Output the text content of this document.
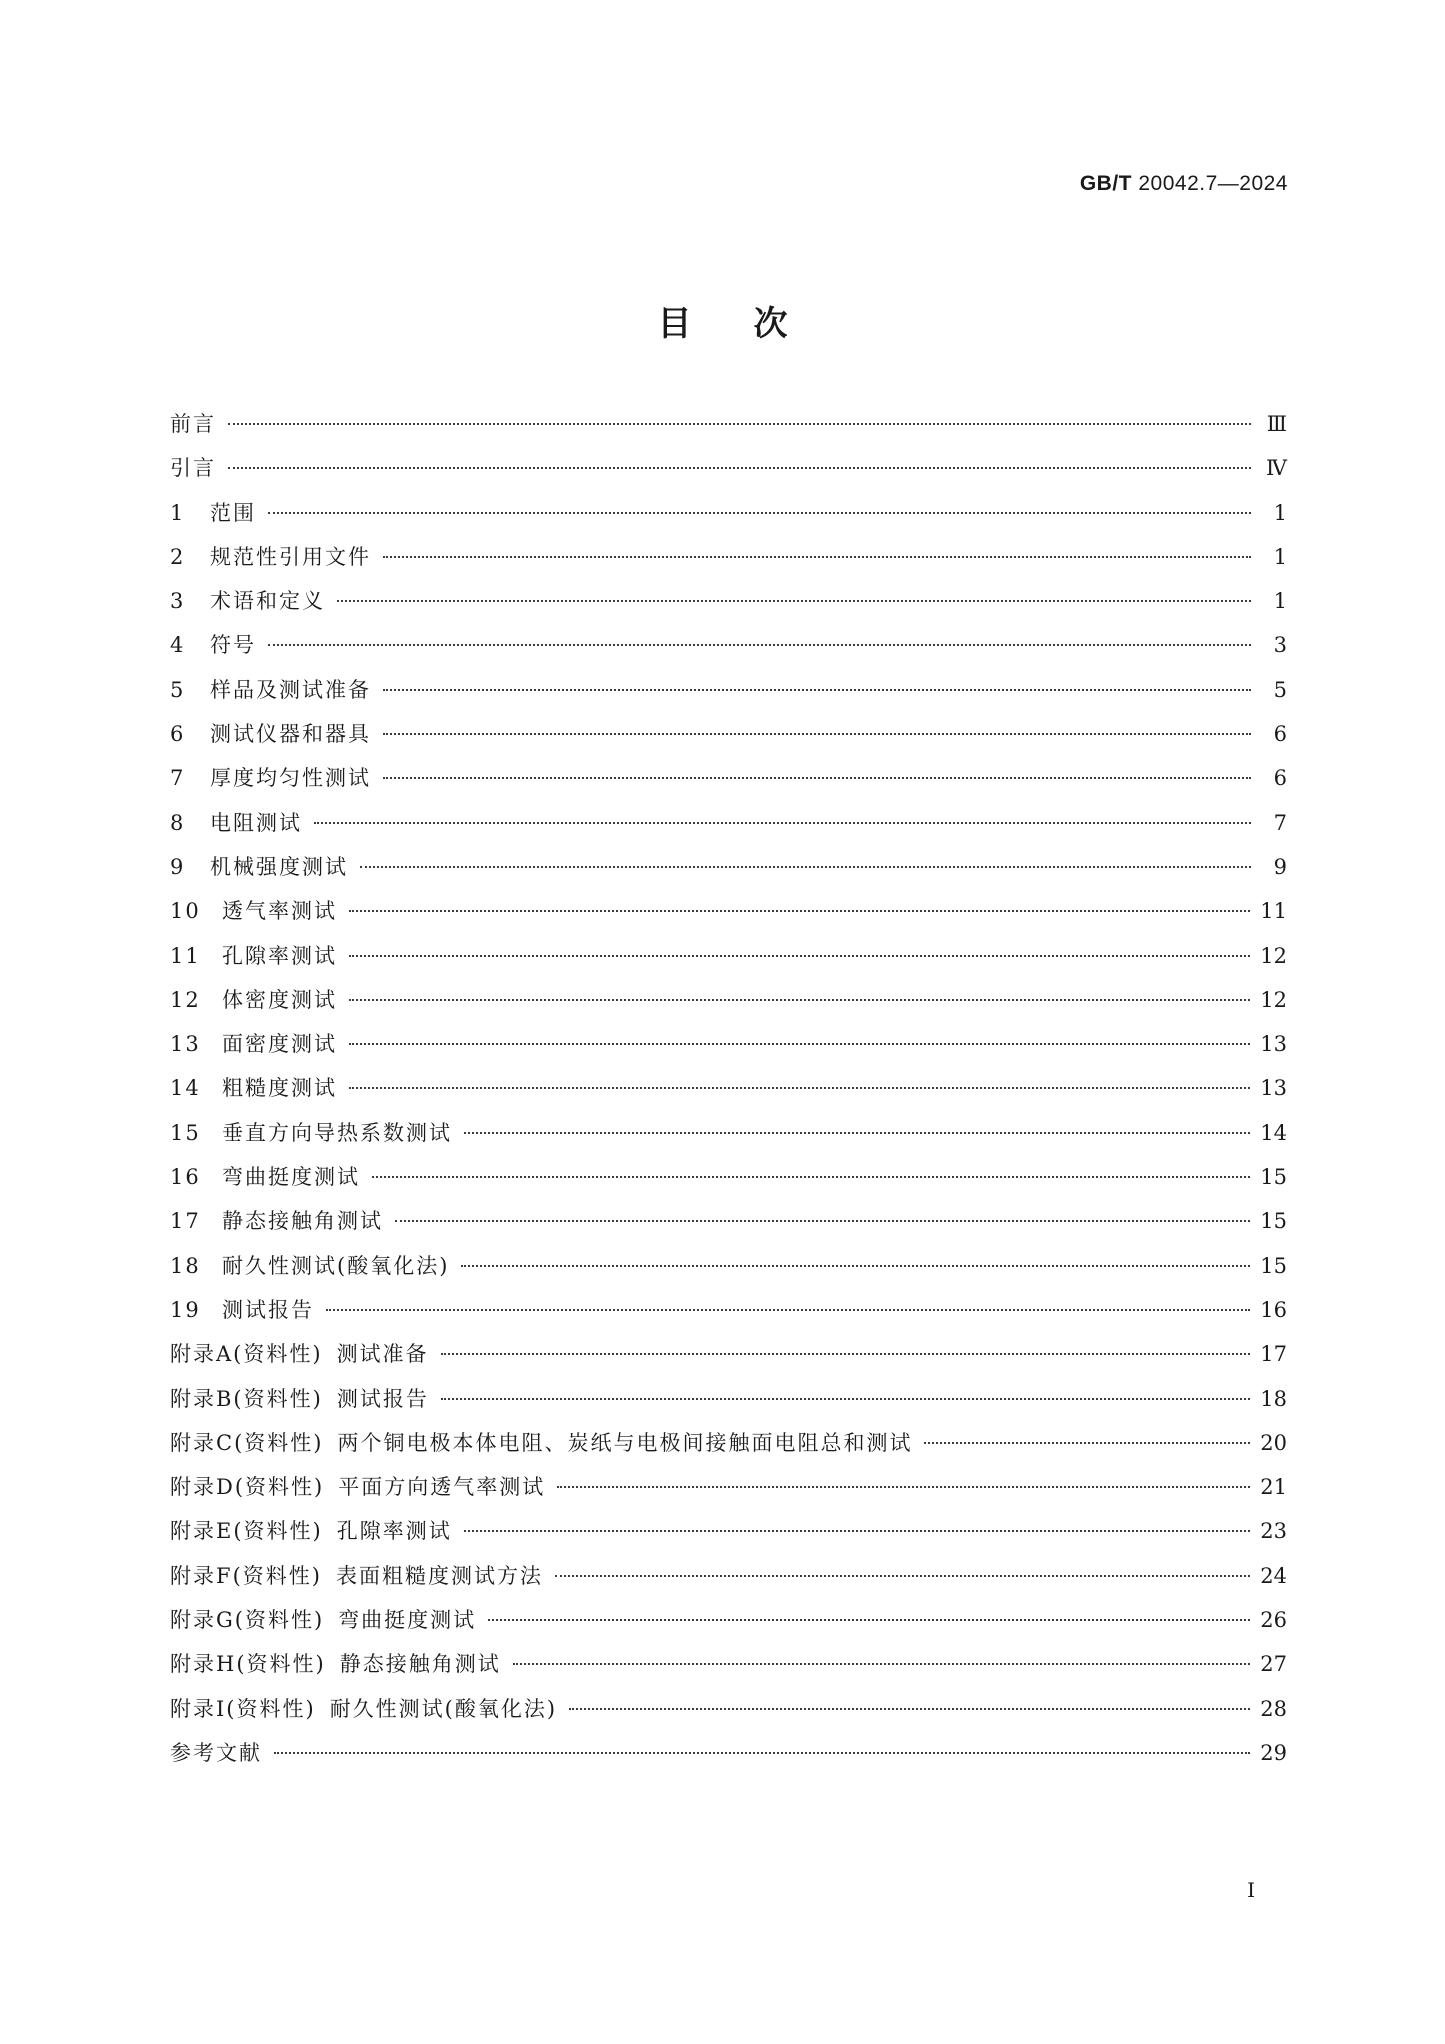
GB/T 20042.7—2024
目 次
前言	Ⅲ
引言	Ⅳ
1	范围	1
2	规范性引用文件	1
3	术语和定义	1
4	符号	3
5	样品及测试准备	5
6	测试仪器和器具	6
7	厚度均匀性测试	6
8	电阻测试	7
9	机械强度测试	9
10	透气率测试	11
11	孔隙率测试	12
12	体密度测试	12
13	面密度测试	13
14	粗糙度测试	13
15	垂直方向导热系数测试	14
16	弯曲挺度测试	15
17	静态接触角测试	15
18	耐久性测试(酸氧化法)	15
19	测试报告	16
附录A(资料性) 测试准备	17
附录B(资料性) 测试报告	18
附录C(资料性) 两个铜电极本体电阻、炭纸与电极间接触面电阻总和测试	20
附录D(资料性) 平面方向透气率测试	21
附录E(资料性) 孔隙率测试	23
附录F(资料性) 表面粗糙度测试方法	24
附录G(资料性) 弯曲挺度测试	26
附录H(资料性) 静态接触角测试	27
附录I(资料性) 耐久性测试(酸氧化法)	28
参考文献	29
I
